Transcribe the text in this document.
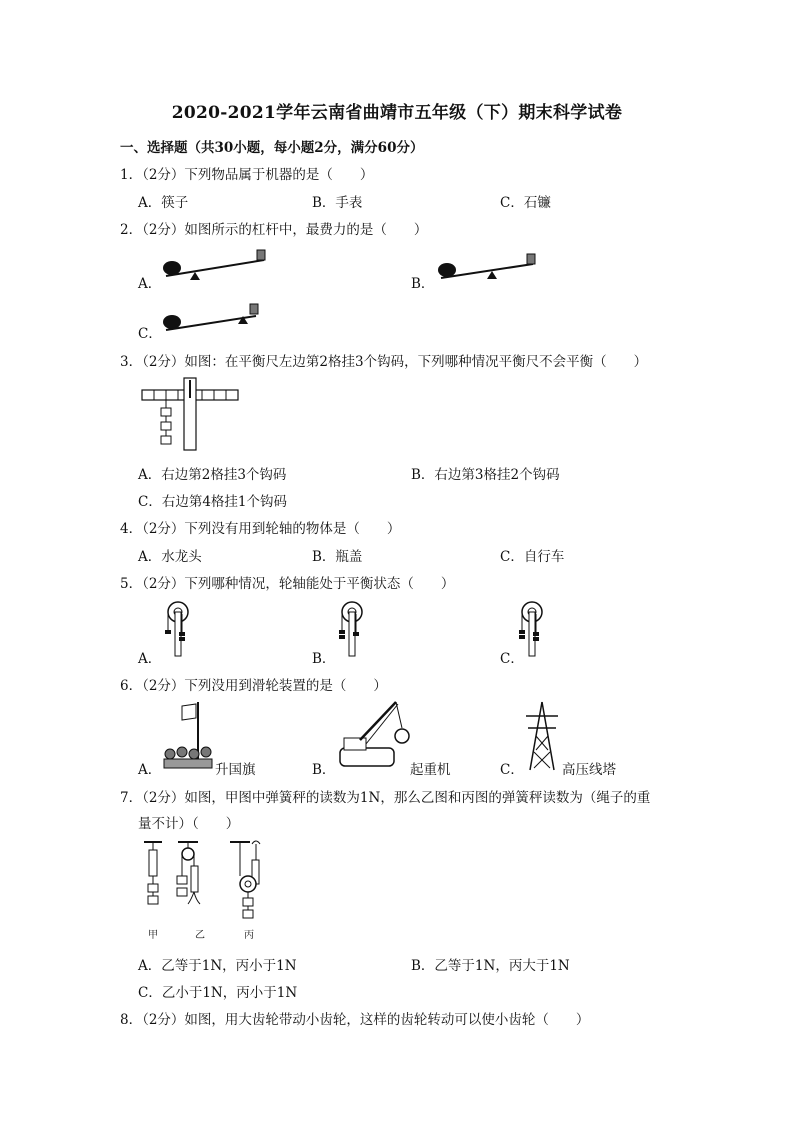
2020-2021学年云南省曲靖市五年级（下）期末科学试卷
一、选择题（共30小题，每小题2分，满分60分）
1．（2分）下列物品属于机器的是（　　）
A．筷子	B．手表	C．石镰
2．（2分）如图所示的杠杆中，最费力的是（　　）
A．	B．
C．
3．（2分）如图：在平衡尺左边第2格挂3个钩码，下列哪种情况平衡尺不会平衡（　　）
A．右边第2格挂3个钩码	B．右边第3格挂2个钩码
C．右边第4格挂1个钩码
4．（2分）下列没有用到轮轴的物体是（　　）
A．水龙头	B．瓶盖	C．自行车
5．（2分）下列哪种情况，轮轴能处于平衡状态（　　）
A．	B．	C．
6．（2分）下列没用到滑轮装置的是（　　）
A．	升国旗	B．	起重机	C．	高压线塔
7．（2分）如图，甲图中弹簧秤的读数为1N，那么乙图和丙图的弹簧秤读数为（绳子的重
量不计）（　　）
甲	乙	丙
A．乙等于1N，丙小于1N	B．乙等于1N，丙大于1N
C．乙小于1N，丙小于1N
8．（2分）如图，用大齿轮带动小齿轮，这样的齿轮转动可以使小齿轮（　　）
